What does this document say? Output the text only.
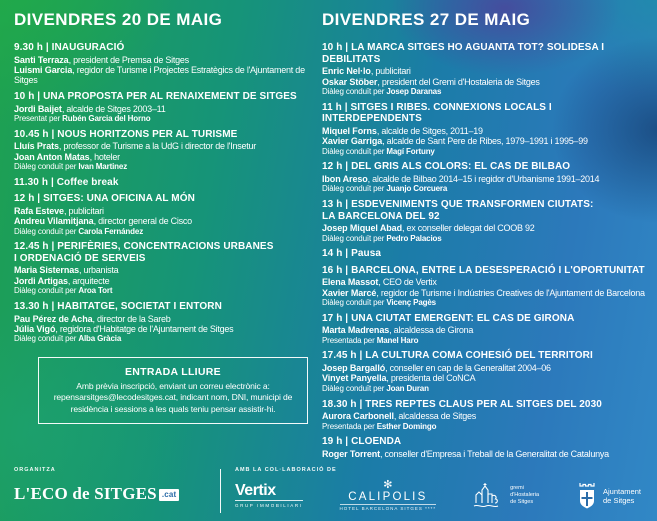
DIVENDRES 20 DE MAIG
9.30 h | INAUGURACIÓ
Santi Terraza, president de Premsa de Sitges
Luismi Garcia, regidor de Turisme i Projectes Estratègics de l'Ajuntament de Sitges
10 h | UNA PROPOSTA PER AL RENAIXEMENT DE SITGES
Jordi Baijet, alcalde de Sitges 2003–11
Presentat per Rubén Garcia del Horno
10.45 h | NOUS HORITZONS PER AL TURISME
Lluís Prats, professor de Turisme a la UdG i director de l'Insetur
Joan Anton Matas, hoteler
Diàleg conduït per Ivan Martinez
11.30 h | Coffee break
12 h | SITGES: UNA OFICINA AL MÓN
Rafa Esteve, publicitari
Andreu Vilamitjana, director general de Cisco
Diàleg conduït per Carola Fernández
12.45 h | PERIFÈRIES, CONCENTRACIONS URBANES
I ORDENACIÓ DE SERVEIS
Maria Sisternas, urbanista
Jordi Artigas, arquitecte
Diàleg conduït per Aroa Tort
13.30 h | HABITATGE, SOCIETAT I ENTORN
Pau Pérez de Acha, director de la Sareb
Júlia Vigó, regidora d'Habitatge de l'Ajuntament de Sitges
Diàleg conduït per Alba Gràcia
ENTRADA LLIURE
Amb prèvia inscripció, enviant un correu electrònic a: repensarsitges@lecodesitges.cat, indicant nom, DNI, municipi de residència i sessions a les quals teniu pensar assistir-hi.
DIVENDRES 27 DE MAIG
10 h | LA MARCA SITGES HO AGUANTA TOT? SOLIDESA I DEBILITATS
Enric Nel·lo, publicitari
Oskar Stöber, president del Gremi d'Hostaleria de Sitges
Diàleg conduït per Josep Daranas
11 h | SITGES I RIBES. CONNEXIONS LOCALS I INTERDEPENDENTS
Miquel Forns, alcalde de Sitges, 2011–19
Xavier Garriga, alcalde de Sant Pere de Ribes, 1979–1991 i 1995–99
Diàleg conduït per Magí Fortuny
12 h | DEL GRIS ALS COLORS: EL CAS DE BILBAO
Ibon Areso, alcalde de Bilbao 2014–15 i regidor d'Urbanisme 1991–2014
Diàleg conduït per Juanjo Corcuera
13 h | ESDEVENIMENTS QUE TRANSFORMEN CIUTATS:
LA BARCELONA DEL 92
Josep Miquel Abad, ex conseller delegat del COOB 92
Diàleg conduït per Pedro Palacios
14 h | Pausa
16 h | BARCELONA, ENTRE LA DESESPERACIÓ I L'OPORTUNITAT
Elena Massot, CEO de Vertix
Xavier Marcé, regidor de Turisme i Indústries Creatives de l'Ajuntament de Barcelona
Diàleg conduït per Vicenç Pagès
17 h | UNA CIUTAT EMERGENT: EL CAS DE GIRONA
Marta Madrenas, alcaldessa de Girona
Presentada per Manel Haro
17.45 h | LA CULTURA COMA COHESIÓ DEL TERRITORI
Josep Bargalló, conseller en cap de la Generalitat 2004–06
Vinyet Panyella, presidenta del CoNCA
Diàleg conduït per Joan Duran
18.30 h | TRES REPTES CLAUS PER AL SITGES DEL 2030
Aurora Carbonell, alcaldessa de Sitges
Presentada per Esther Domingo
19 h | CLOENDA
Roger Torrent, conseller d'Empresa i Treball de la Generalitat de Catalunya
ORGANITZA
L'ECO de SITGES .cat
AMB LA COL·LABORACIÓ DE
Vertix
GRUP IMMOBILIARI
✻
CALIPOLIS
HOTEL BARCELONA SITGES ****
gremi
d'Hostaleria
de Sitges
Ajuntament
de Sitges
